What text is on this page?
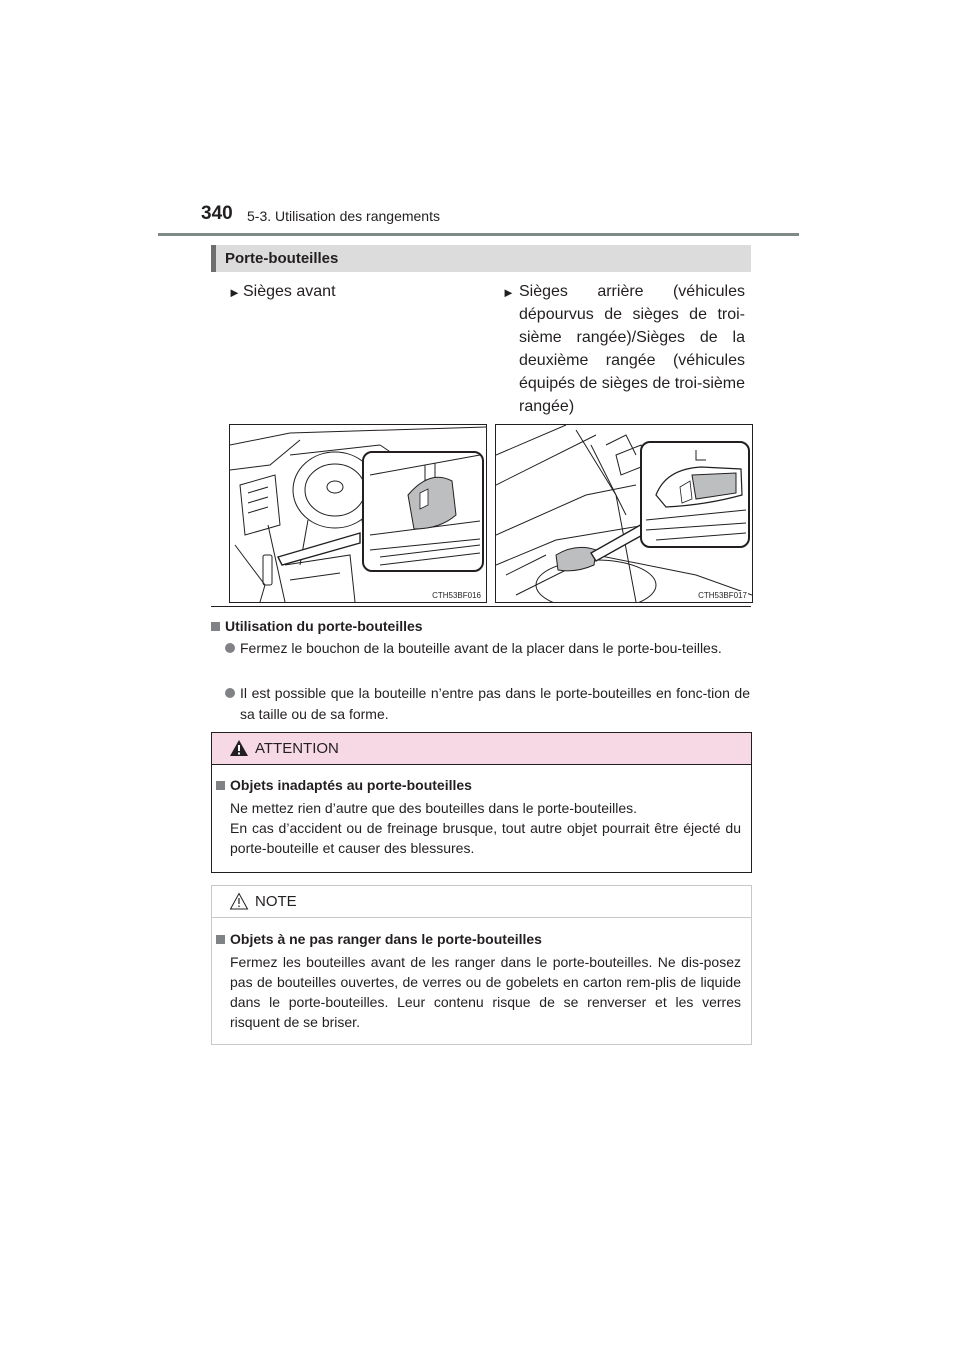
340 5-3. Utilisation des rangements
Porte-bouteilles
► Sièges avant	► Sièges arrière (véhicules dépourvus de sièges de troi-sième rangée)/Sièges de la deuxième rangée (véhicules équipés de sièges de troi-sième rangée)
CTH53BF016	CTH53BF017
Utilisation du porte-bouteilles
Fermez le bouchon de la bouteille avant de la placer dans le porte-bou-teilles.
Il est possible que la bouteille n’entre pas dans le porte-bouteilles en fonc-tion de sa taille ou de sa forme.
ATTENTION
Objets inadaptés au porte-bouteilles

Ne mettez rien d’autre que des bouteilles dans le porte-bouteilles.

En cas d’accident ou de freinage brusque, tout autre objet pourrait être éjecté du porte-bouteille et causer des blessures.

NOTE
Objets à ne pas ranger dans le porte-bouteilles

Fermez les bouteilles avant de les ranger dans le porte-bouteilles. Ne dis-posez pas de bouteilles ouvertes, de verres ou de gobelets en carton rem-plis de liquide dans le porte-bouteilles. Leur contenu risque de se renverser et les verres risquent de se briser.
